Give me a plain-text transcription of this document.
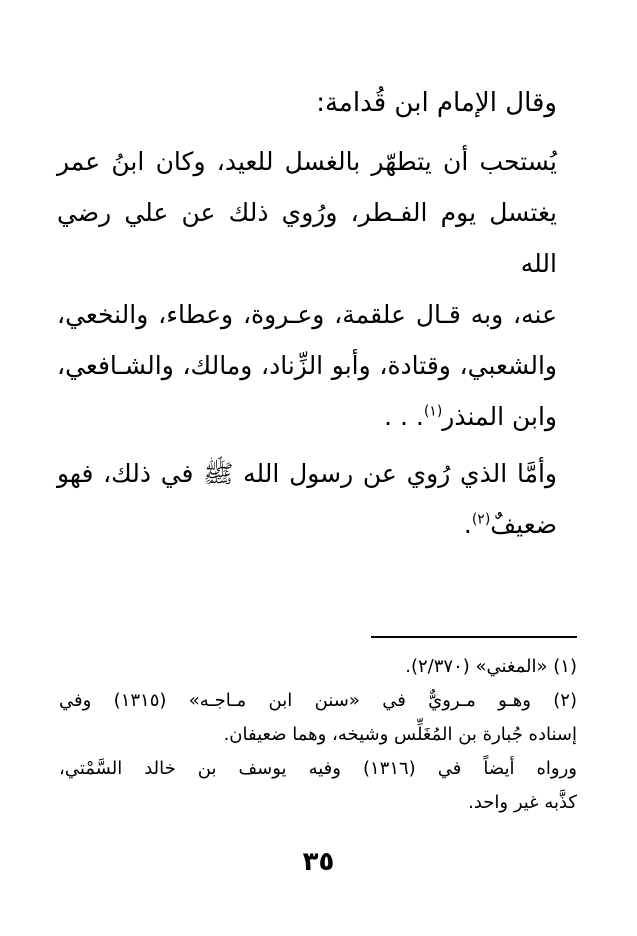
وقال الإمام ابن قُدامة:

يُستحب أن يتطهّر بالغسل للعيد، وكان ابنُ عمر
يغتسل يوم الفـطر، ورُوي ذلك عن علي رضي الله
عنه، وبه قـال علقمة، وعـروة، وعطاء، والنخعي،
والشعبي، وقتادة، وأبو الزِّناد، ومالك، والشـافعي،
وابن المنذر$^{(١)}$. . .
وأمَّا الذي رُوي عن رسول الله ﷺ في ذلك، فهو
ضعيفٌ$^{(٢)}$.
(١) «المغني» (٢/٣٧٠).
(٢) وهـو مـرويٌّ في «سنن ابن مـاجـه» (١٣١٥) وفي
إسناده جُبارة بن المُغَلِّس وشيخه، وهما ضعيفان.
ورواه أيضاً في (١٣١٦) وفيه يوسف بن خالد السَّمْتي،
كذَّبه غير واحد.
٣٥
